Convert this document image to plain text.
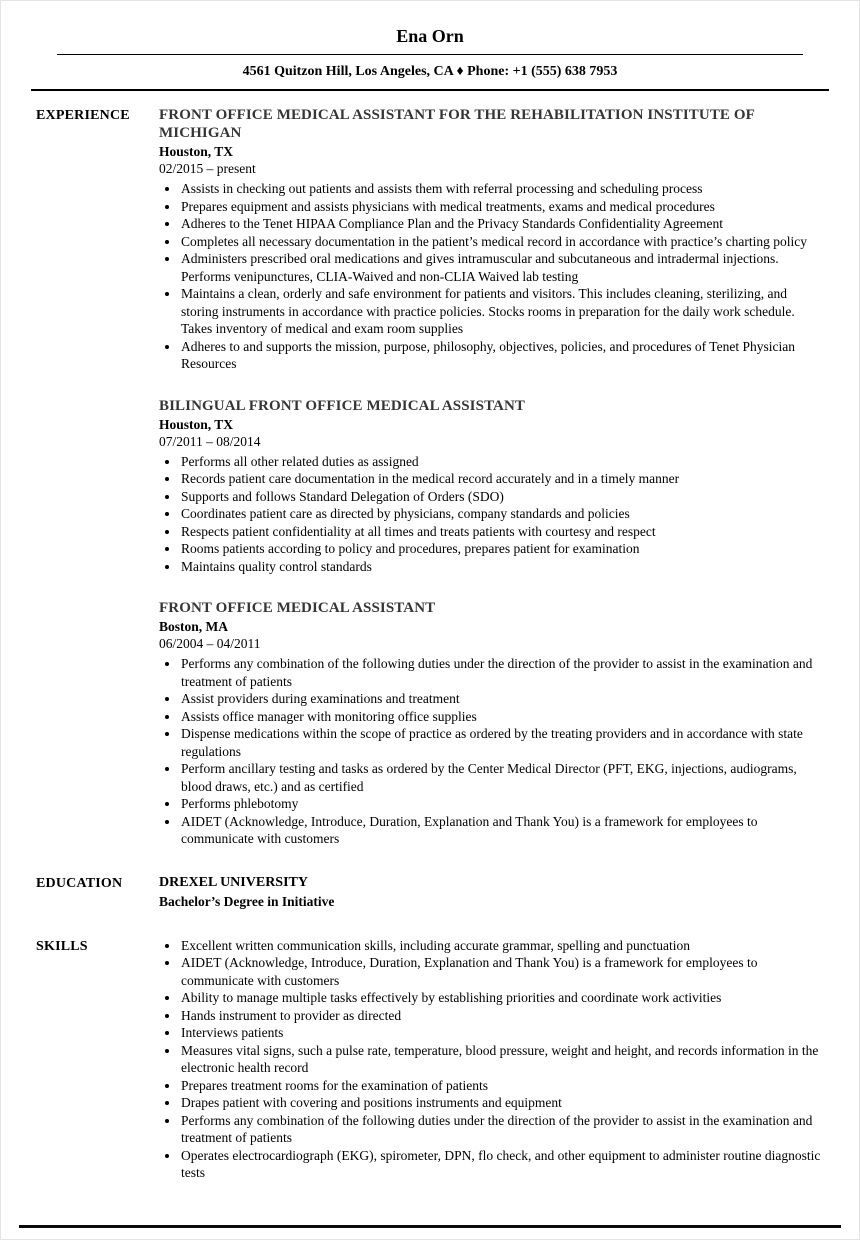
Ena Orn
4561 Quitzon Hill, Los Angeles, CA ♦ Phone: +1 (555) 638 7953
EXPERIENCE	FRONT OFFICE MEDICAL ASSISTANT FOR THE REHABILITATION INSTITUTE OF MICHIGAN
Houston, TX
02/2015 – present
• Assists in checking out patients and assists them with referral processing and scheduling process
• Prepares equipment and assists physicians with medical treatments, exams and medical procedures
• Adheres to the Tenet HIPAA Compliance Plan and the Privacy Standards Confidentiality Agreement
• Completes all necessary documentation in the patient’s medical record in accordance with practice’s charting policy
• Administers prescribed oral medications and gives intramuscular and subcutaneous and intradermal injections. Performs venipunctures, CLIA-Waived and non-CLIA Waived lab testing
• Maintains a clean, orderly and safe environment for patients and visitors. This includes cleaning, sterilizing, and storing instruments in accordance with practice policies. Stocks rooms in preparation for the daily work schedule. Takes inventory of medical and exam room supplies
• Adheres to and supports the mission, purpose, philosophy, objectives, policies, and procedures of Tenet Physician Resources
BILINGUAL FRONT OFFICE MEDICAL ASSISTANT
Houston, TX
07/2011 – 08/2014
• Performs all other related duties as assigned
• Records patient care documentation in the medical record accurately and in a timely manner
• Supports and follows Standard Delegation of Orders (SDO)
• Coordinates patient care as directed by physicians, company standards and policies
• Respects patient confidentiality at all times and treats patients with courtesy and respect
• Rooms patients according to policy and procedures, prepares patient for examination
• Maintains quality control standards
FRONT OFFICE MEDICAL ASSISTANT
Boston, MA
06/2004 – 04/2011
• Performs any combination of the following duties under the direction of the provider to assist in the examination and treatment of patients
• Assist providers during examinations and treatment
• Assists office manager with monitoring office supplies
• Dispense medications within the scope of practice as ordered by the treating providers and in accordance with state regulations
• Perform ancillary testing and tasks as ordered by the Center Medical Director (PFT, EKG, injections, audiograms, blood draws, etc.) and as certified
• Performs phlebotomy
• AIDET (Acknowledge, Introduce, Duration, Explanation and Thank You) is a framework for employees to communicate with customers
EDUCATION	DREXEL UNIVERSITY
Bachelor’s Degree in Initiative
SKILLS	• Excellent written communication skills, including accurate grammar, spelling and punctuation
• AIDET (Acknowledge, Introduce, Duration, Explanation and Thank You) is a framework for employees to communicate with customers
• Ability to manage multiple tasks effectively by establishing priorities and coordinate work activities
• Hands instrument to provider as directed
• Interviews patients
• Measures vital signs, such a pulse rate, temperature, blood pressure, weight and height, and records information in the electronic health record
• Prepares treatment rooms for the examination of patients
• Drapes patient with covering and positions instruments and equipment
• Performs any combination of the following duties under the direction of the provider to assist in the examination and treatment of patients
• Operates electrocardiograph (EKG), spirometer, DPN, flo check, and other equipment to administer routine diagnostic tests
